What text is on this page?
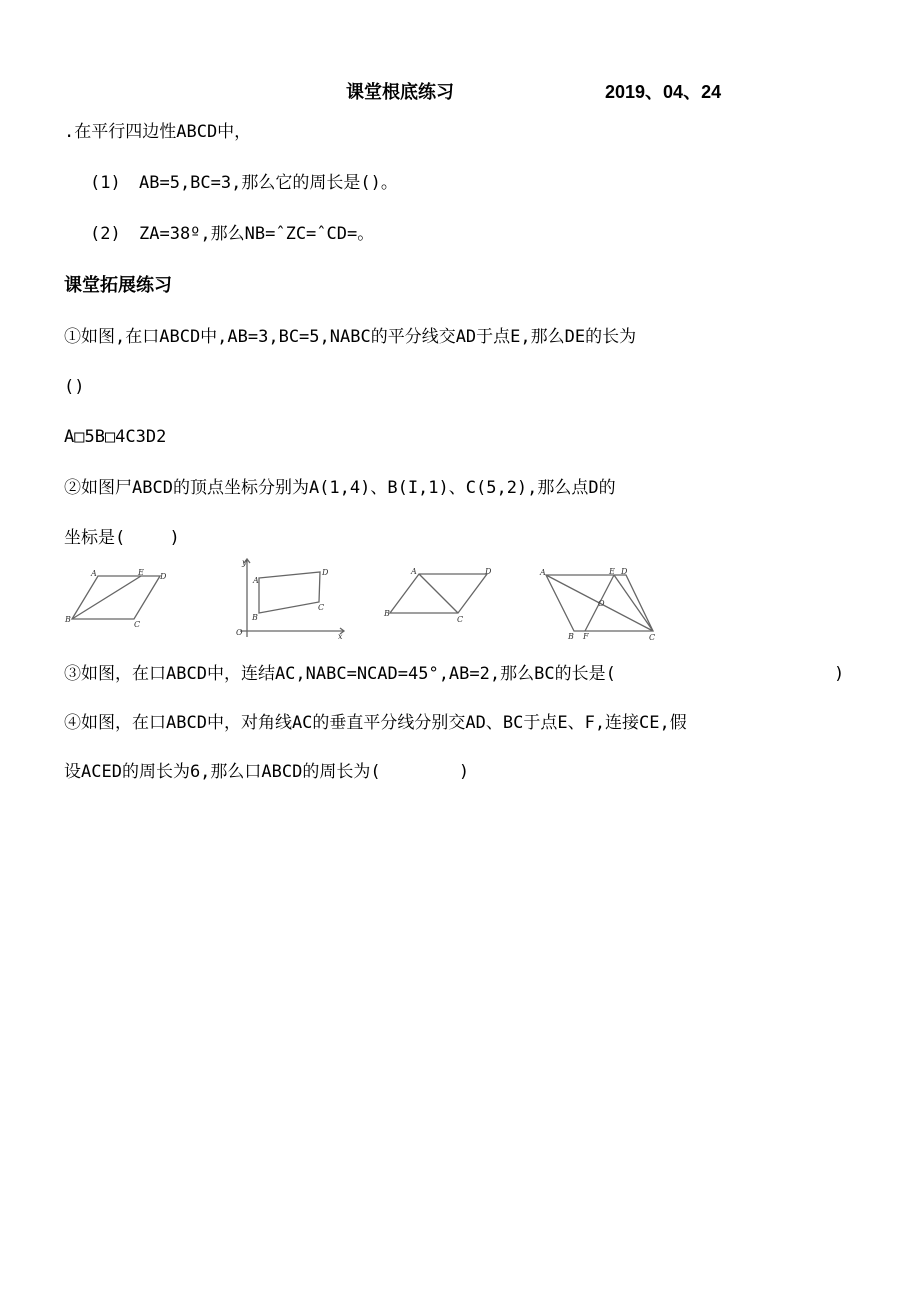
课堂根底练习	2019、04、24
.在平行四边性ABCD中，
(1) AB=5,BC=3,那么它的周长是()。
(2) ZA=38º,那么NB=ˆZC=ˆCD=。
课堂拓展练习
①如图,在口ABCD中,AB=3,BC=5,NABC的平分线交AD于点E,那么DE的长为
()
A□5B□4C3D2
②如图尸ABCD的顶点坐标分别为A(1,4)、B(I,1)、C(5,2),那么点D的
坐标是(　　 )
A	E D
B
C
y
A
D
B
C
O	x
A	D
B
C
A	E D
O
B F	C
③如图，在口ABCD中，连结AC,NABC=NCAD=45°,AB=2,那么BC的长是(	)
④如图，在口ABCD中，对角线AC的垂直平分线分别交AD、BC于点E、F,连接CE,假
设ACED的周长为6,那么口ABCD的周长为(　　　　 )
